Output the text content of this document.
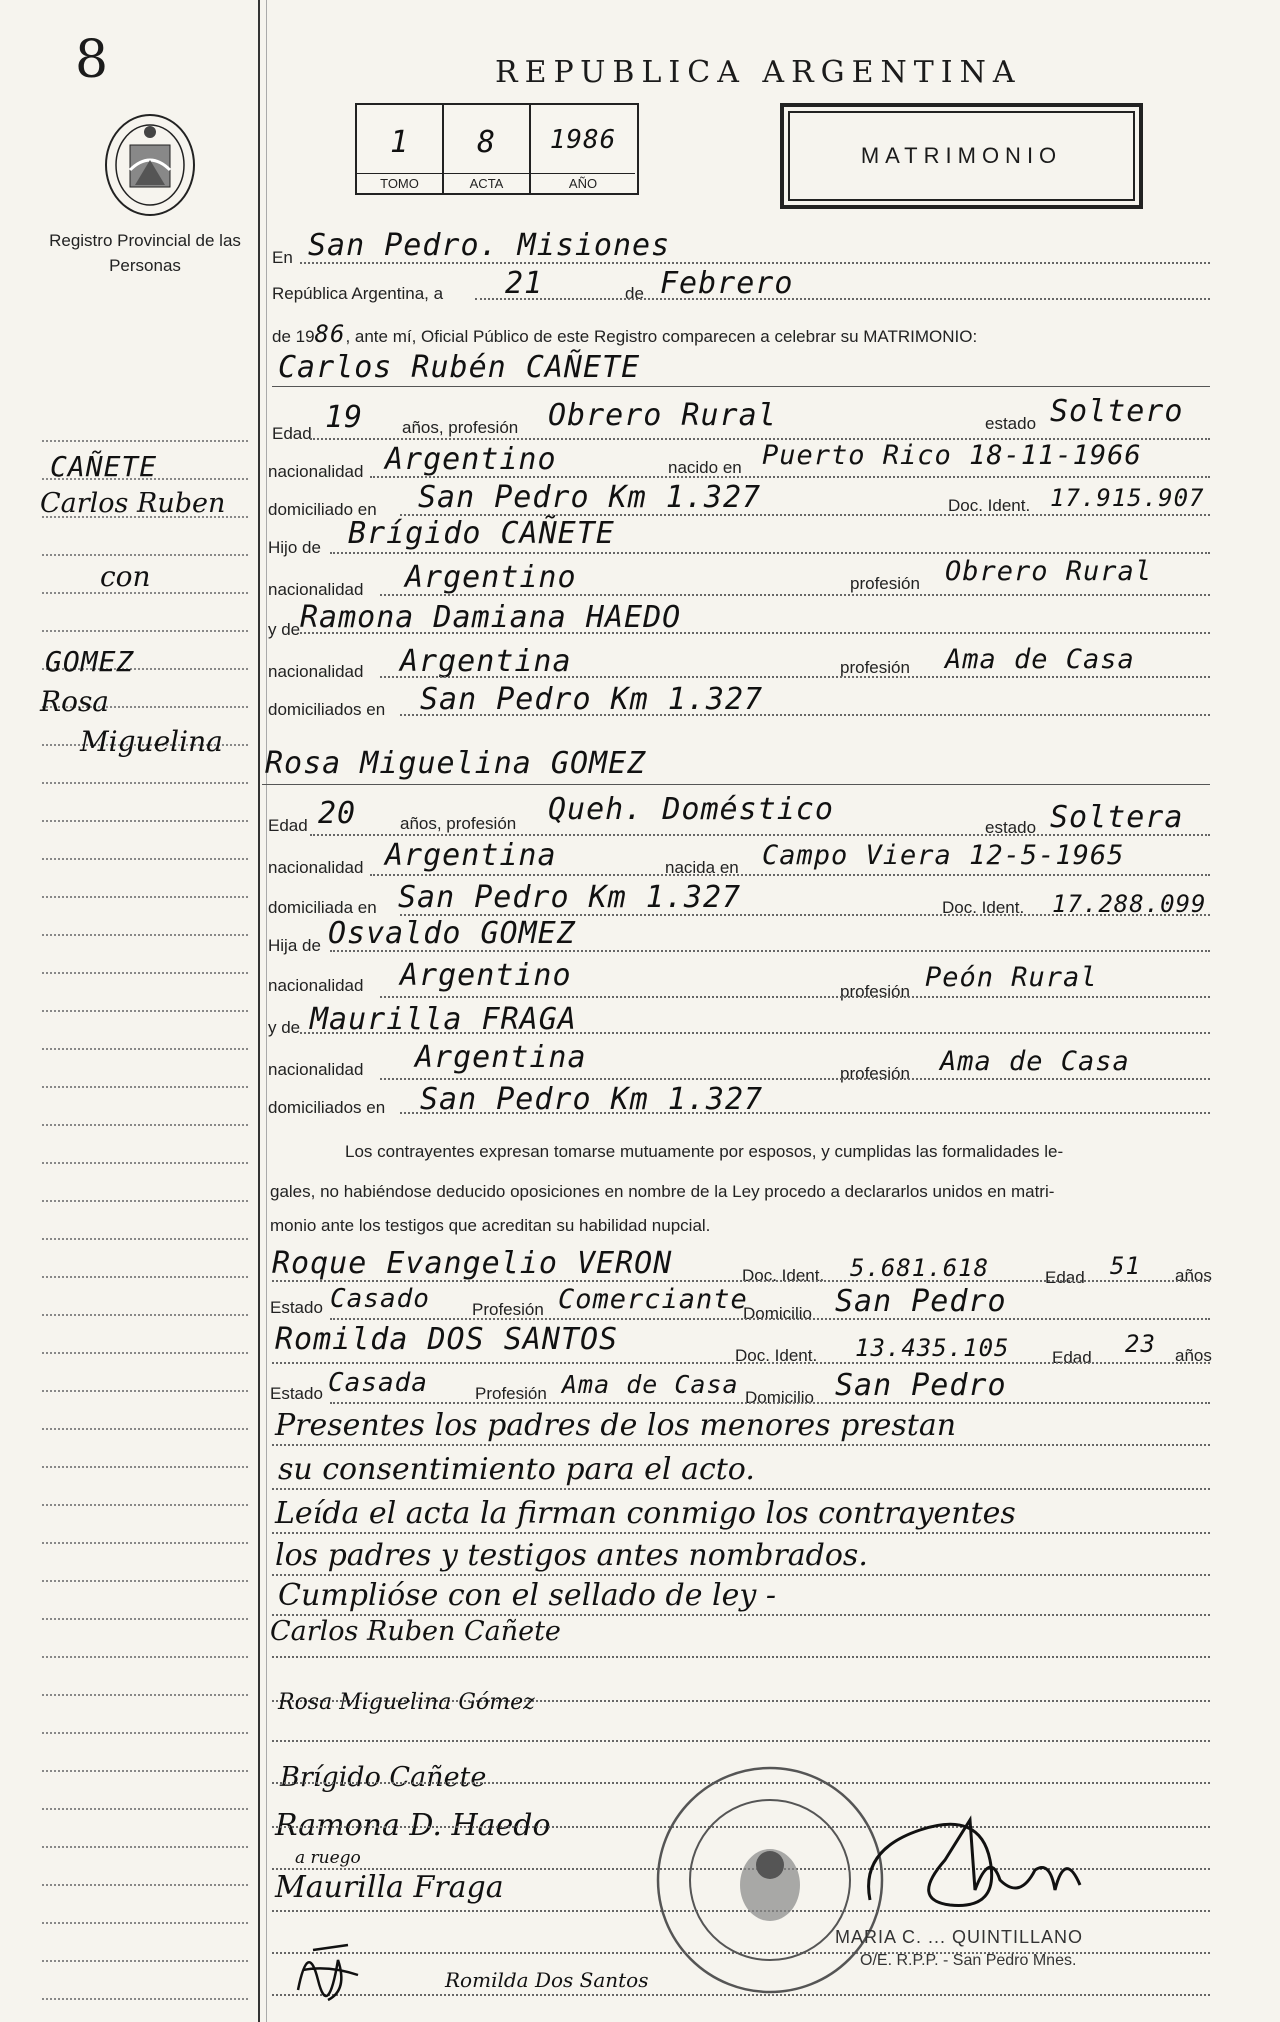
8	REPUBLICA ARGENTINA
Registro Provincial de las Personas
1
TOMO
8
ACTA
1986
AÑO
MATRIMONIO
CAÑETE
Carlos Ruben
con
GOMEZ
Rosa
Miguelina
En San Pedro. Misiones
República Argentina, a 21	de Febrero
de 1986, ante mí, Oficial Público de este Registro comparecen a celebrar su MATRIMONIO:
Carlos Rubén CAÑETE
Edad 19 años, profesión Obrero Rural	estado Soltero
nacionalidad Argentino	nacido en Puerto Rico 18-11-1966
domiciliado en San Pedro Km 1.327	Doc. Ident. 17.915.907
Hijo de Brígido CAÑETE
nacionalidad Argentino	profesión Obrero Rural
y de Ramona Damiana HAEDO
nacionalidad Argentina	profesión Ama de Casa
domiciliados en San Pedro Km 1.327
Rosa Miguelina GOMEZ
Edad 20	años, profesión Queh. Doméstico
estado Soltera
nacionalidad Argentina	nacida en Campo Viera 12-5-1965
domiciliada en San Pedro Km 1.327	Doc. Ident. 17.288.099
Hija de Osvaldo GOMEZ
nacionalidad Argentino	profesión Peón Rural
y de Maurilla FRAGA
nacionalidad Argentina	profesión Ama de Casa
domiciliados en San Pedro Km 1.327
Los contrayentes expresan tomarse mutuamente por esposos, y cumplidas las formalidades le-
gales, no habiéndose deducido oposiciones en nombre de la Ley procedo a declararlos unidos en matri-
monio ante los testigos que acreditan su habilidad nupcial.
Roque Evangelio VERON	Doc. Ident. 5.681.618	Edad 51 años
Estado Casado Profesión Comerciante
Domicilio San Pedro
Romilda DOS SANTOS	Doc. Ident. 13.435.105	Edad 23 años
Estado Casada	Profesión Ama de Casa Domicilio San Pedro
Presentes los padres de los menores prestan
su consentimiento para el acto.
Leída el acta la firman conmigo los contrayentes
los padres y testigos antes nombrados.
Cumplióse con el sellado de ley -
Carlos Ruben Cañete
Rosa Miguelina Gómez
Brígido Cañete
Ramona D. Haedo
a ruego
Maurilla Fraga
Romilda Dos Santos
MARIA C. ... QUINTILLANO
O/E. R.P.P. - San Pedro Mnes.
